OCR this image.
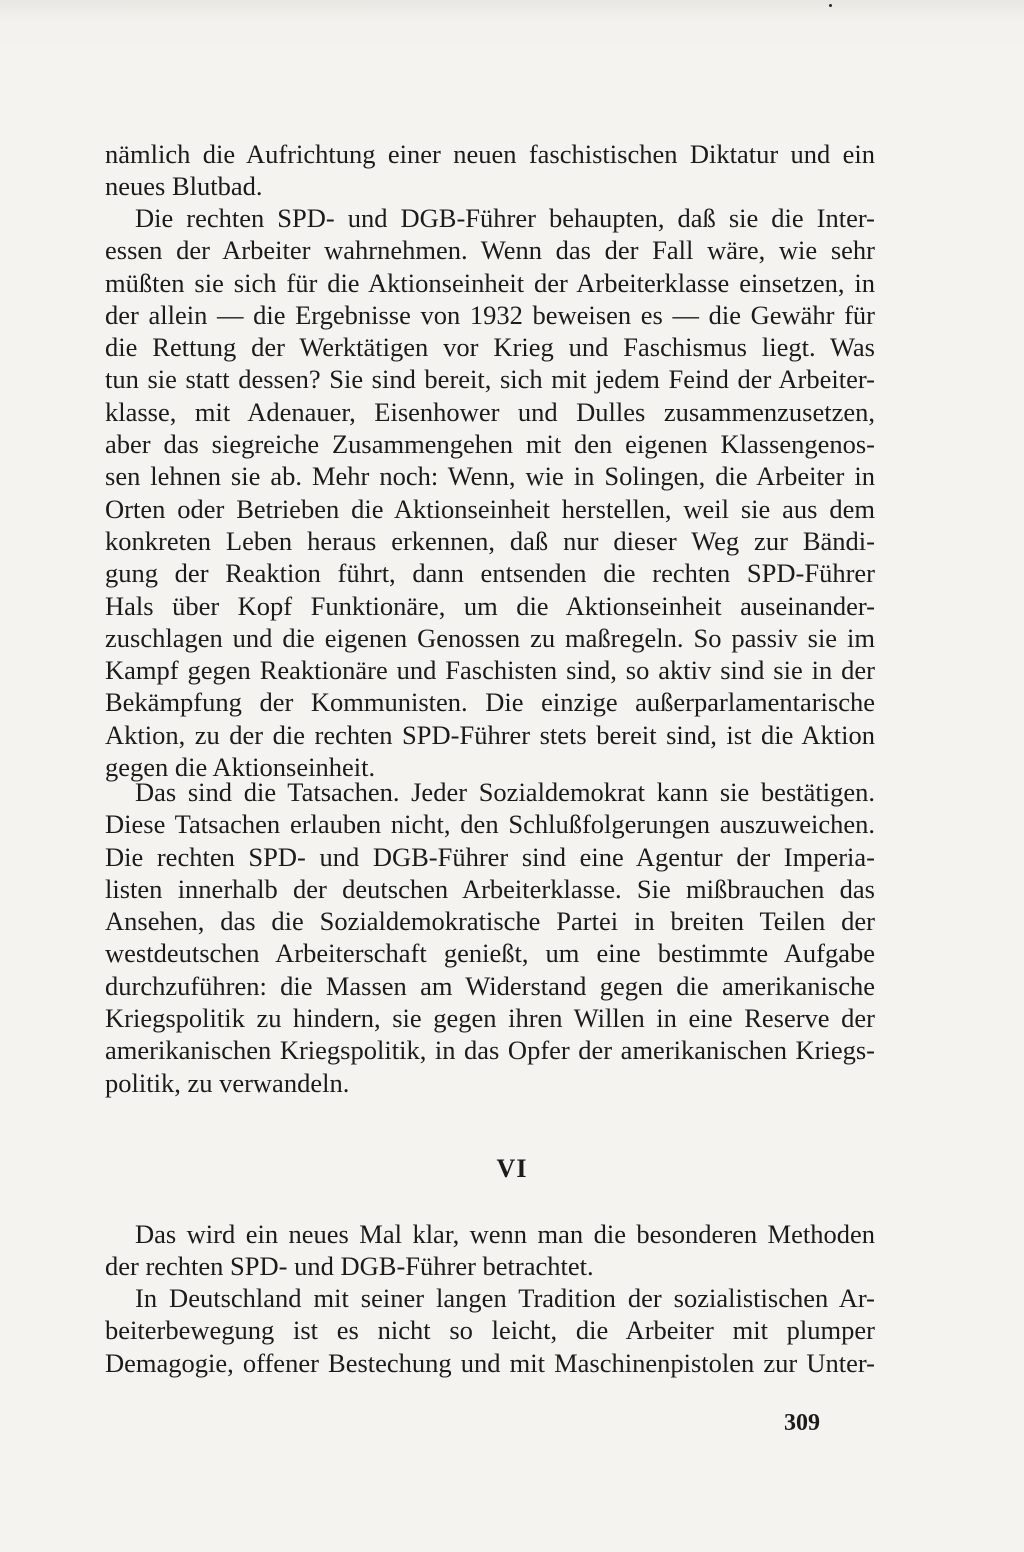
nämlich die Aufrichtung einer neuen faschistischen Diktatur und ein

neues Blutbad.

Die rechten SPD- und DGB-Führer behaupten, daß sie die Inter-

essen der Arbeiter wahrnehmen. Wenn das der Fall wäre, wie sehr

müßten sie sich für die Aktionseinheit der Arbeiterklasse einsetzen, in

der allein — die Ergebnisse von 1932 beweisen es — die Gewähr für

die Rettung der Werktätigen vor Krieg und Faschismus liegt. Was

tun sie statt dessen? Sie sind bereit, sich mit jedem Feind der Arbeiter-

klasse, mit Adenauer, Eisenhower und Dulles zusammenzusetzen,

aber das siegreiche Zusammengehen mit den eigenen Klassengenos-

sen lehnen sie ab. Mehr noch: Wenn, wie in Solingen, die Arbeiter in

Orten oder Betrieben die Aktionseinheit herstellen, weil sie aus dem

konkreten Leben heraus erkennen, daß nur dieser Weg zur Bändi-

gung der Reaktion führt, dann entsenden die rechten SPD-Führer

Hals über Kopf Funktionäre, um die Aktionseinheit auseinander-

zuschlagen und die eigenen Genossen zu maßregeln. So passiv sie im

Kampf gegen Reaktionäre und Faschisten sind, so aktiv sind sie in der

Bekämpfung der Kommunisten. Die einzige außerparlamentarische

Aktion, zu der die rechten SPD-Führer stets bereit sind, ist die Aktion

gegen die Aktionseinheit.

Das sind die Tatsachen. Jeder Sozialdemokrat kann sie bestätigen.

Diese Tatsachen erlauben nicht, den Schlußfolgerungen auszuweichen.

Die rechten SPD- und DGB-Führer sind eine Agentur der Imperia-

listen innerhalb der deutschen Arbeiterklasse. Sie mißbrauchen das

Ansehen, das die Sozialdemokratische Partei in breiten Teilen der

westdeutschen Arbeiterschaft genießt, um eine bestimmte Aufgabe

durchzuführen: die Massen am Widerstand gegen die amerikanische

Kriegspolitik zu hindern, sie gegen ihren Willen in eine Reserve der

amerikanischen Kriegspolitik, in das Opfer der amerikanischen Kriegs-

politik, zu verwandeln.

VI

Das wird ein neues Mal klar, wenn man die besonderen Methoden

der rechten SPD- und DGB-Führer betrachtet.

In Deutschland mit seiner langen Tradition der sozialistischen Ar-

beiterbewegung ist es nicht so leicht, die Arbeiter mit plumper

Demagogie, offener Bestechung und mit Maschinenpistolen zur Unter-

309
